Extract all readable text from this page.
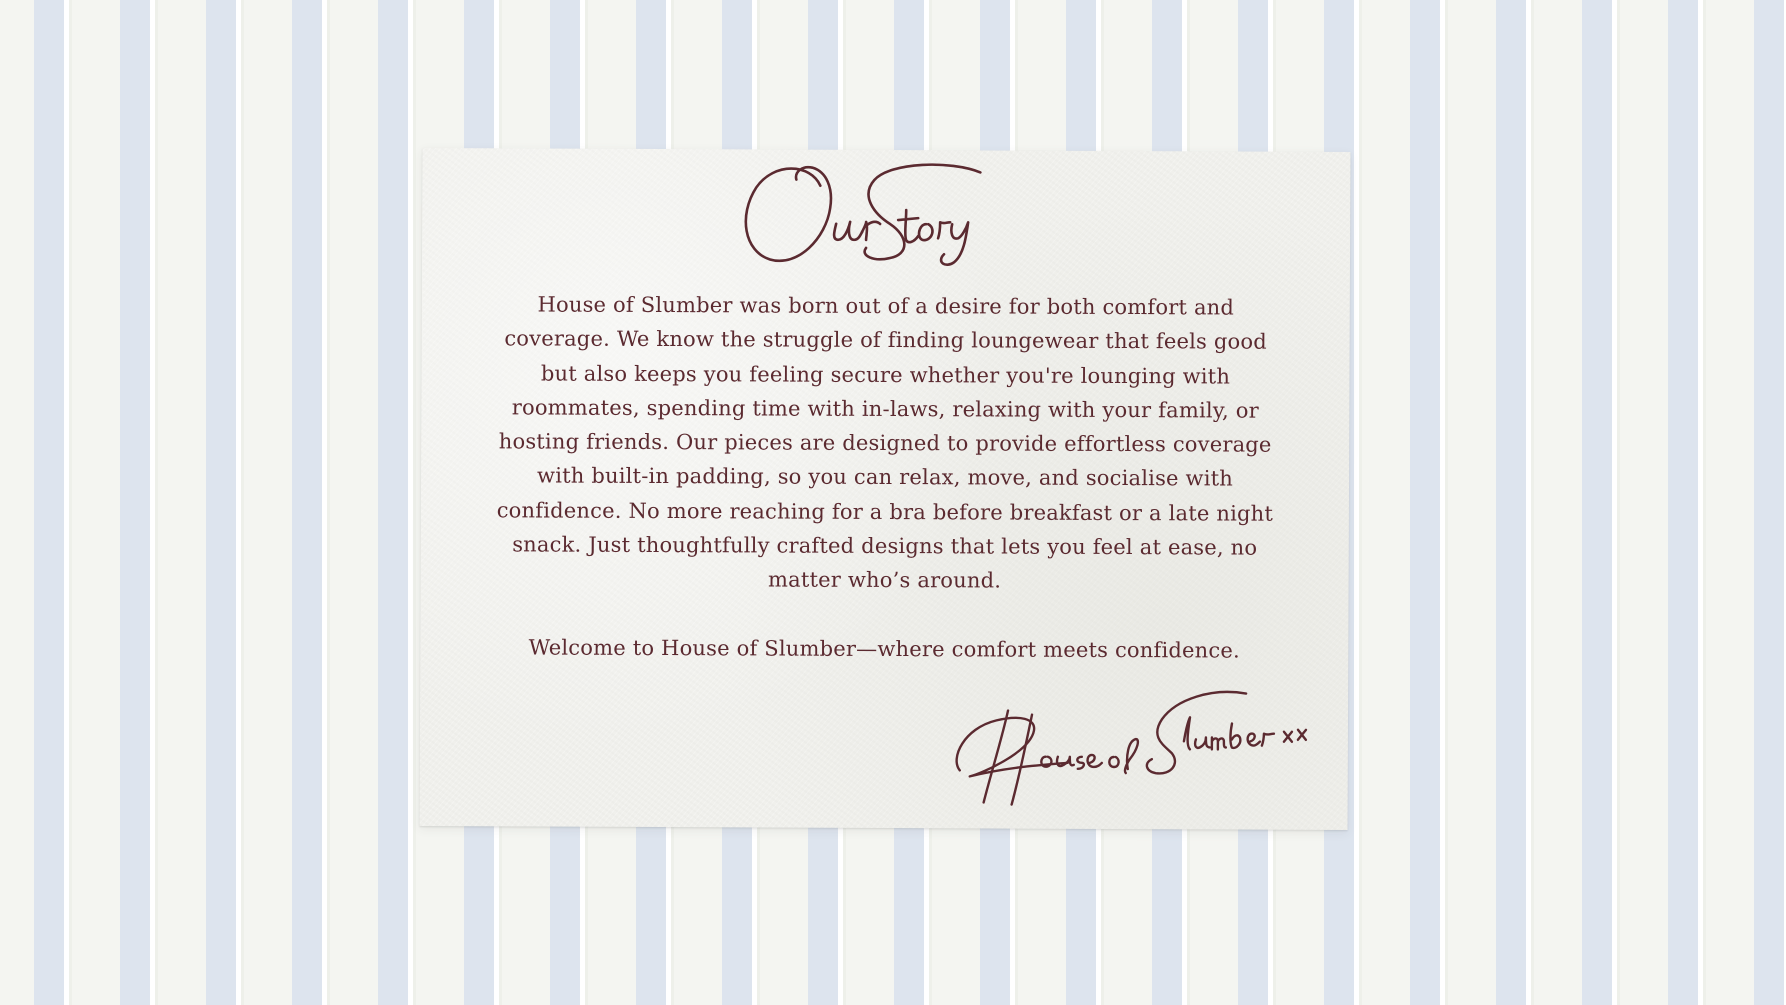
House of Slumber was born out of a desire for both comfort and coverage. We know the struggle of finding loungewear that feels good but also keeps you feeling secure whether you're lounging with roommates, spending time with in-laws, relaxing with your family, or hosting friends. Our pieces are designed to provide effortless coverage with built-in padding, so you can relax, move, and socialise with confidence. No more reaching for a bra before breakfast or a late night snack. Just thoughtfully crafted designs that lets you feel at ease, no matter who’s around.

Welcome to House of Slumber—where comfort meets confidence.
